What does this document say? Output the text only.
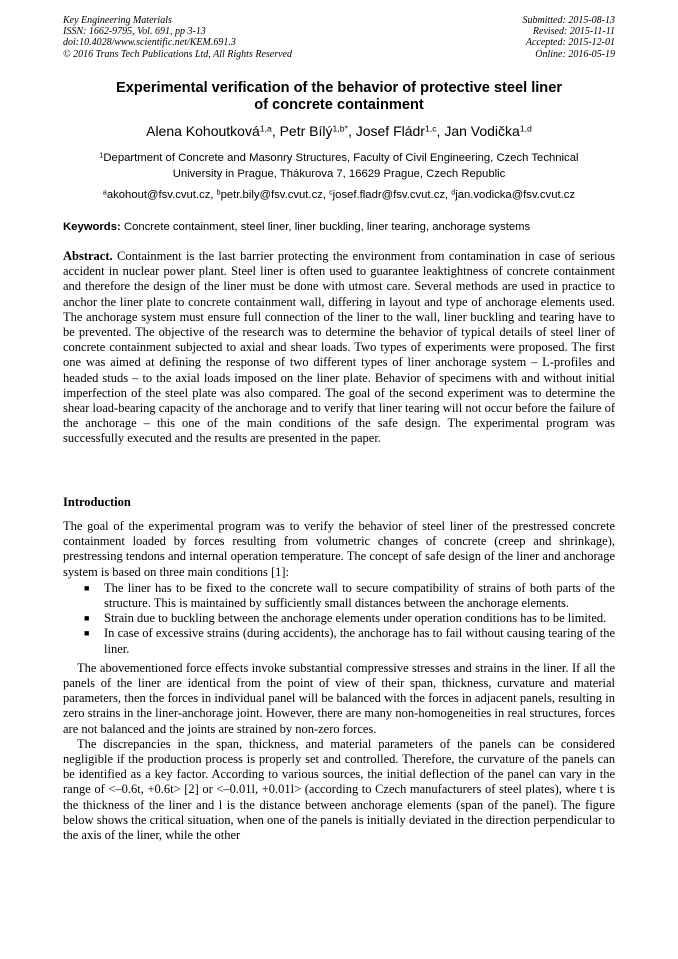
Key Engineering Materials
ISSN: 1662-9795, Vol. 691, pp 3-13
doi:10.4028/www.scientific.net/KEM.691.3
© 2016 Trans Tech Publications Ltd, All Rights Reserved
Submitted: 2015-08-13
Revised: 2015-11-11
Accepted: 2015-12-01
Online: 2016-05-19
Experimental verification of the behavior of protective steel liner
of concrete containment
Alena Kohoutková$^{1,a}$, Petr Bílý$^{1,b*}$, Josef Fládr$^{1,c}$, Jan Vodička$^{1,d}$
$^1$Department of Concrete and Masonry Structures, Faculty of Civil Engineering, Czech Technical
University in Prague, Thákurova 7, 16629 Prague, Czech Republic
$^a$akohout@fsv.cvut.cz, $^b$petr.bily@fsv.cvut.cz, $^c$josef.fladr@fsv.cvut.cz, $^d$jan.vodicka@fsv.cvut.cz
Keywords: Concrete containment, steel liner, liner buckling, liner tearing, anchorage systems
Abstract. Containment is the last barrier protecting the environment from contamination in case of serious accident in nuclear power plant. Steel liner is often used to guarantee leaktightness of concrete containment and therefore the design of the liner must be done with utmost care. Several methods are used in practice to anchor the liner plate to concrete containment wall, differing in layout and type of anchorage elements used. The anchorage system must ensure full connection of the liner to the wall, liner buckling and tearing have to be prevented. The objective of the research was to determine the behavior of typical details of steel liner of concrete containment subjected to axial and shear loads. Two types of experiments were proposed. The first one was aimed at defining the response of two different types of liner anchorage system – L-profiles and headed studs – to the axial loads imposed on the liner plate. Behavior of specimens with and without initial imperfection of the steel plate was also compared. The goal of the second experiment was to determine the shear load-bearing capacity of the anchorage and to verify that liner tearing will not occur before the failure of the anchorage – this one of the main conditions of the safe design. The experimental program was successfully executed and the results are presented in the paper.
Introduction

The goal of the experimental program was to verify the behavior of steel liner of the prestressed concrete containment loaded by forces resulting from volumetric changes of concrete (creep and shrinkage), prestressing tendons and internal operation temperature. The concept of safe design of the liner and anchorage system is based on three main conditions [1]:

■ The liner has to be fixed to the concrete wall to secure compatibility of strains of both parts of the structure. This is maintained by sufficiently small distances between the anchorage elements.
■ Strain due to buckling between the anchorage elements under operation conditions has to be limited.
■ In case of excessive strains (during accidents), the anchorage has to fail without causing tearing of the liner.

The abovementioned force effects invoke substantial compressive stresses and strains in the liner. If all the panels of the liner are identical from the point of view of their span, thickness, curvature and material parameters, then the forces in individual panel will be balanced with the forces in adjacent panels, resulting in zero strains in the liner-anchorage joint. However, there are many non-homogeneities in real structures, forces are not balanced and the joints are strained by non-zero forces.

The discrepancies in the span, thickness, and material parameters of the panels can be considered negligible if the production process is properly set and controlled. Therefore, the curvature of the panels can be identified as a key factor. According to various sources, the initial deflection of the panel can vary in the range of <–0.6t, +0.6t> [2] or <–0.01l, +0.01l> (according to Czech manufacturers of steel plates), where t is the thickness of the liner and l is the distance between anchorage elements (span of the panel). The figure below shows the critical situation, when one of the panels is initially deviated in the direction perpendicular to the axis of the liner, while the other
